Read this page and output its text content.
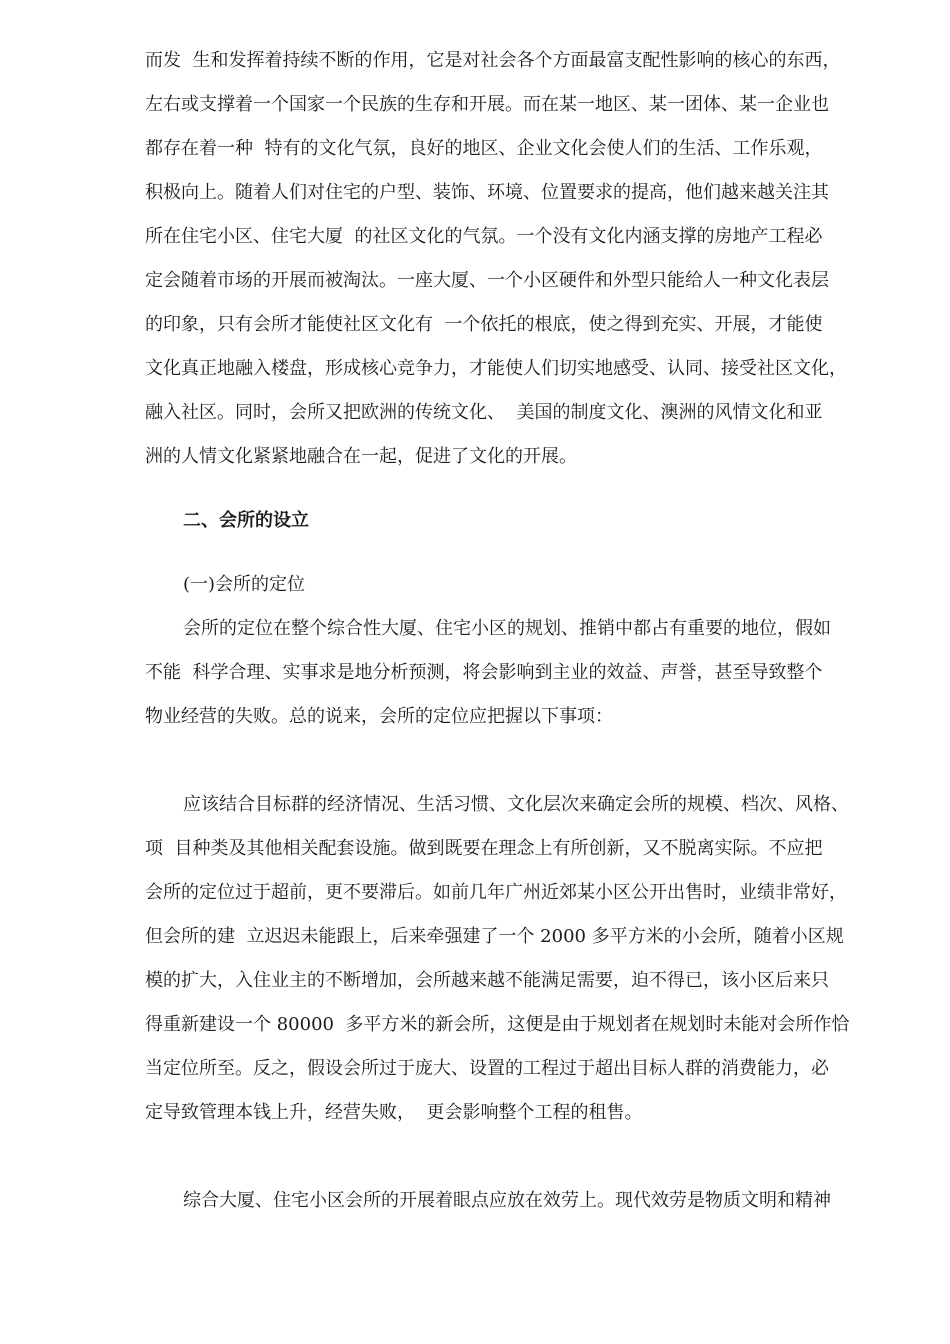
而发  生和发挥着持续不断的作用，它是对社会各个方面最富支配性影响的核心的东西，
左右或支撑着一个国家一个民族的生存和开展。而在某一地区、某一团体、某一企业也
都存在着一种  特有的文化气氛，良好的地区、企业文化会使人们的生活、工作乐观，
积极向上。随着人们对住宅的户型、装饰、环境、位置要求的提高，他们越来越关注其
所在住宅小区、住宅大厦  的社区文化的气氛。一个没有文化内涵支撑的房地产工程必
定会随着市场的开展而被淘汰。一座大厦、一个小区硬件和外型只能给人一种文化表层
的印象，只有会所才能使社区文化有  一个依托的根底，使之得到充实、开展，才能使
文化真正地融入楼盘，形成核心竞争力，才能使人们切实地感受、认同、接受社区文化，
融入社区。同时，会所又把欧洲的传统文化、  美国的制度文化、澳洲的风情文化和亚
洲的人情文化紧紧地融合在一起，促进了文化的开展。
二、会所的设立
(一)会所的定位
会所的定位在整个综合性大厦、住宅小区的规划、推销中都占有重要的地位，假如
不能  科学合理、实事求是地分析预测，将会影响到主业的效益、声誉，甚至导致整个
物业经营的失败。总的说来，会所的定位应把握以下事项：
应该结合目标群的经济情况、生活习惯、文化层次来确定会所的规模、档次、风格、
项  目种类及其他相关配套设施。做到既要在理念上有所创新，又不脱离实际。不应把
会所的定位过于超前，更不要滞后。如前几年广州近郊某小区公开出售时，业绩非常好，
但会所的建  立迟迟未能跟上，后来牵强建了一个 2000 多平方米的小会所，随着小区规
模的扩大，入住业主的不断增加，会所越来越不能满足需要，迫不得已，该小区后来只
得重新建设一个 80000  多平方米的新会所，这便是由于规划者在规划时未能对会所作恰
当定位所至。反之，假设会所过于庞大、设置的工程过于超出目标人群的消费能力，必
定导致管理本钱上升，经营失败，  更会影响整个工程的租售。
综合大厦、住宅小区会所的开展着眼点应放在效劳上。现代效劳是物质文明和精神
